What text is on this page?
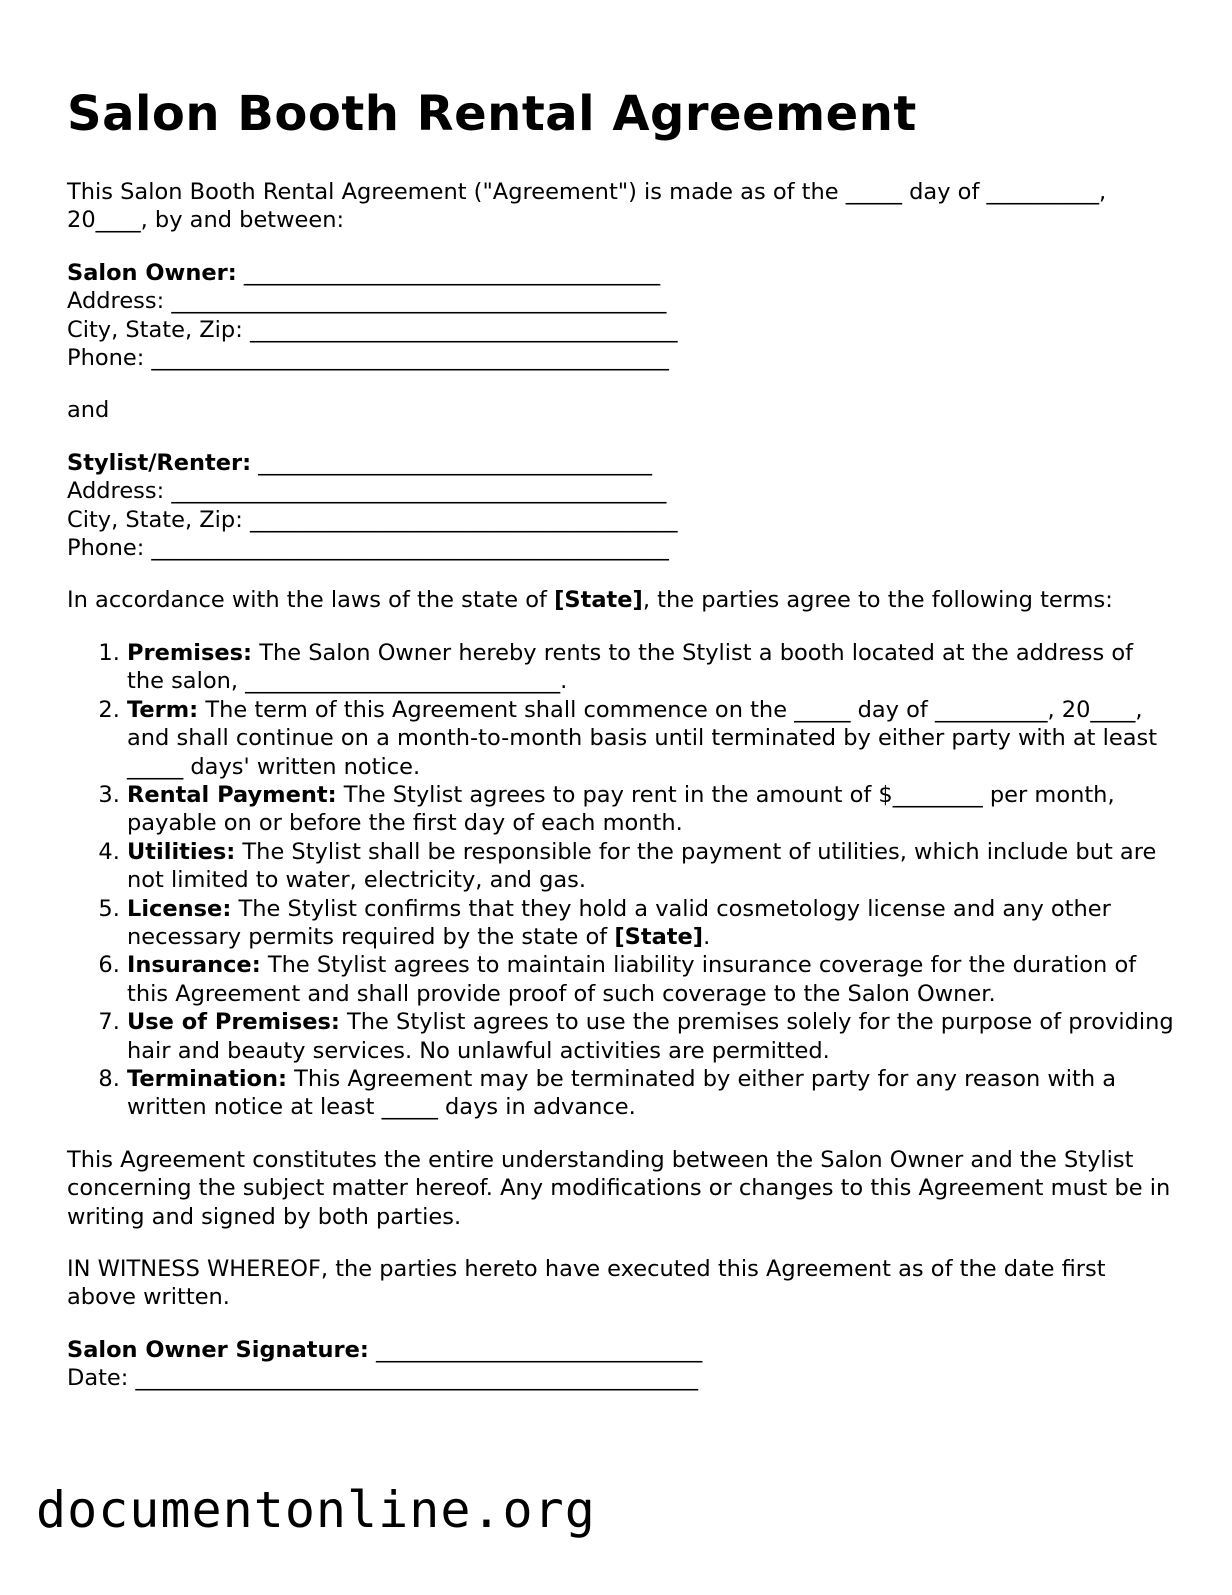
Salon Booth Rental Agreement

This Salon Booth Rental Agreement ("Agreement") is made as of the _____ day of __________, 20____, by and between:

Salon Owner: _____________________________________
Address: ____________________________________________
City, State, Zip: ______________________________________
Phone: ______________________________________________

and

Stylist/Renter: ___________________________________
Address: ____________________________________________
City, State, Zip: ______________________________________
Phone: ______________________________________________

In accordance with the laws of the state of [State], the parties agree to the following terms:

1. Premises: The Salon Owner hereby rents to the Stylist a booth located at the address of the salon, ____________________________.
2. Term: The term of this Agreement shall commence on the _____ day of __________, 20____, and shall continue on a month-to-month basis until terminated by either party with at least _____ days' written notice.
3. Rental Payment: The Stylist agrees to pay rent in the amount of $________ per month, payable on or before the first day of each month.
4. Utilities: The Stylist shall be responsible for the payment of utilities, which include but are not limited to water, electricity, and gas.
5. License: The Stylist confirms that they hold a valid cosmetology license and any other necessary permits required by the state of [State].
6. Insurance: The Stylist agrees to maintain liability insurance coverage for the duration of this Agreement and shall provide proof of such coverage to the Salon Owner.
7. Use of Premises: The Stylist agrees to use the premises solely for the purpose of providing hair and beauty services. No unlawful activities are permitted.
8. Termination: This Agreement may be terminated by either party for any reason with a written notice at least _____ days in advance.

This Agreement constitutes the entire understanding between the Salon Owner and the Stylist concerning the subject matter hereof. Any modifications or changes to this Agreement must be in writing and signed by both parties.

IN WITNESS WHEREOF, the parties hereto have executed this Agreement as of the date first above written.

Salon Owner Signature: _____________________________
Date: __________________________________________________
documentonline.org
